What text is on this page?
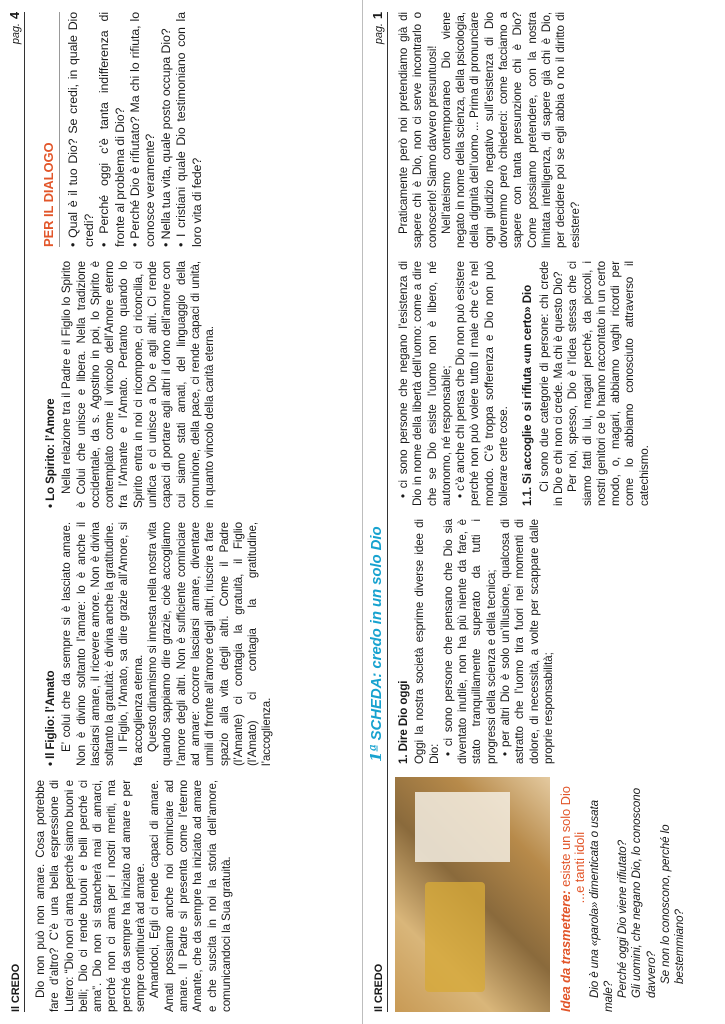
Il CREDO
pag.4

Dio non può non amare. Cosa potrebbe fare d’altro? C’è una bella espressione di Lutero: “Dio non ci ama perché siamo buoni e belli; Dio ci rende buoni e belli perché ci ama”. Dio non si stancherà mai di amarci, perché non ci ama per i nostri meriti, ma perché da sempre ha iniziato ad amare e per sempre continuerà ad amare. Amandoci, Egli ci rende capaci di amare. Amati possiamo anche noi cominciare ad amare. Il Padre si presenta come l’eterno Amante, che da sempre ha iniziato ad amare e che suscita in noi la storia dell’amore, comunicandoci la Sua gratuità.

• Il Figlio: l’Amato E’ colui che da sempre si è lasciato amare. Non è divino soltanto l’amare: lo è anche il lasciarsi amare, il ricevere amore. Non è divina soltanto la gratuità: è divina anche la gratitudine. Il Figlio, l’Amato, sa dire grazie all’Amore, si fa accoglienza eterna. Questo dinamismo si innesta nella nostra vita quando sappiamo dire grazie, cioè accogliamo l’amore degli altri. Non è sufficiente cominciare ad amare: occorre lasciarsi amare, diventare umili di fronte all’amore degli altri, riuscire a fare spazio alla vita degli altri. Come il Padre (l’Amante) ci contagia la gratuità, il Figlio (l’Amato) ci contagia la gratitudine, l’accoglienza.

• Lo Spirito: l’Amore Nella relazione tra il Padre e il Figlio lo Spirito è Colui che unisce e libera. Nella tradizione occidentale, da s. Agostino in poi, lo Spirito è contemplato come il vincolo dell’Amore eterno fra l’Amante e l’Amato. Pertanto quando lo Spirito entra in noi ci ricompone, ci riconcilia, ci unifica e ci unisce a Dio e agli altri. Ci rende capaci di portare agli altri il dono dell’amore con cui siamo stati amati, del linguaggio della comunione, della pace, ci rende capaci di unità, in quanto vincolo della carità eterna.

PER IL DIALOGO • Qual è il tuo Dio? Se credi, in quale Dio credi? • Perché oggi c’è tanta indifferenza di fronte al problema di Dio? • Perché Dio è rifiutato? Ma chi lo rifiuta, lo conosce veramente? • Nella tua vita, quale posto occupa Dio? • I cristiani quale Dio testimoniano con la loro vita di fede?
Il CREDO
1ª SCHEDA: credo in un solo Dio
pag.1
Idea da trasmettere: esiste un solo Dio ...e tanti idoli Dio è una «parola» dimenticata o usata male? Perché oggi Dio viene rifiutato? Gli uomini, che negano Dio, lo conoscono davvero? Se non lo conoscono, perché lo bestemmiano?

1. Dire Dio oggi Oggi la nostra società esprime diverse idee di Dio: • ci sono persone che pensano che Dio sia diventato inutile, non ha più niente da fare, è stato tranquillamente superato da tutti i progressi della scienza e della tecnica; • per altri Dio è solo un’illusione, qualcosa di astratto che l’uomo tira fuori nei momenti di dolore, di necessità, a volte per scappare dalle proprie responsabilità;

• ci sono persone che negano l’esistenza di Dio in nome della libertà dell’uomo: come a dire che se Dio esiste l’uomo non è libero, né autonomo, né responsabile; • c’è anche chi pensa che Dio non può esistere perché non può volere tutto il male che c’è nel mondo. C’è troppa sofferenza e Dio non può tollerare certe cose. 1.1. Si accoglie o si rifiuta «un certo» Dio Ci sono due categorie di persone: chi crede in Dio e chi non ci crede. Ma chi è questo Dio? Per noi, spesso, Dio è l’idea stessa che ci siamo fatti di lui, magari perché, da piccoli, i nostri genitori ce lo hanno raccontato in un certo modo, o, magari, abbiamo vaghi ricordi per come lo abbiamo conosciuto attraverso il catechismo.

Praticamente però noi pretendiamo già di sapere chi è Dio, non ci serve incontrarlo o conoscerlo! Siamo davvero presuntuosi! Nell’ateismo contemporaneo Dio viene negato in nome della scienza, della psicologia, della dignità dell’uomo ... Prima di pronunciare ogni giudizio negativo sull’esistenza di Dio dovremmo però chiederci: come facciamo a sapere con tanta presunzione chi è Dio? Come possiamo pretendere, con la nostra limitata intelligenza, di sapere già chi è Dio, per decidere poi se egli abbia o no il diritto di esistere?
